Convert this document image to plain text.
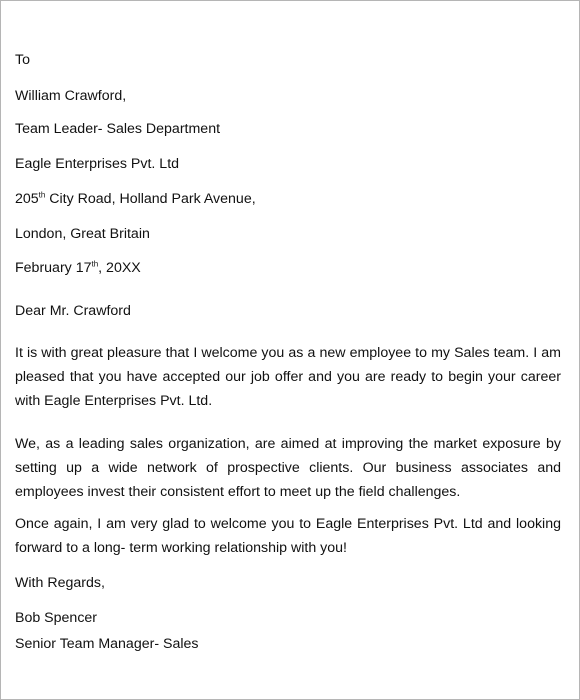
To
William Crawford,
Team Leader- Sales Department
Eagle Enterprises Pvt. Ltd
205th City Road, Holland Park Avenue,
London, Great Britain
February 17th, 20XX
Dear Mr. Crawford
It is with great pleasure that I welcome you as a new employee to my Sales team. I am
pleased that you have accepted our job offer and you are ready to begin your career
with Eagle Enterprises Pvt. Ltd.
We, as a leading sales organization, are aimed at improving the market exposure by
setting up a wide network of prospective clients. Our business associates and
employees invest their consistent effort to meet up the field challenges.
Once again, I am very glad to welcome you to Eagle Enterprises Pvt. Ltd and looking
forward to a long- term working relationship with you!
With Regards,
Bob Spencer
Senior Team Manager- Sales
